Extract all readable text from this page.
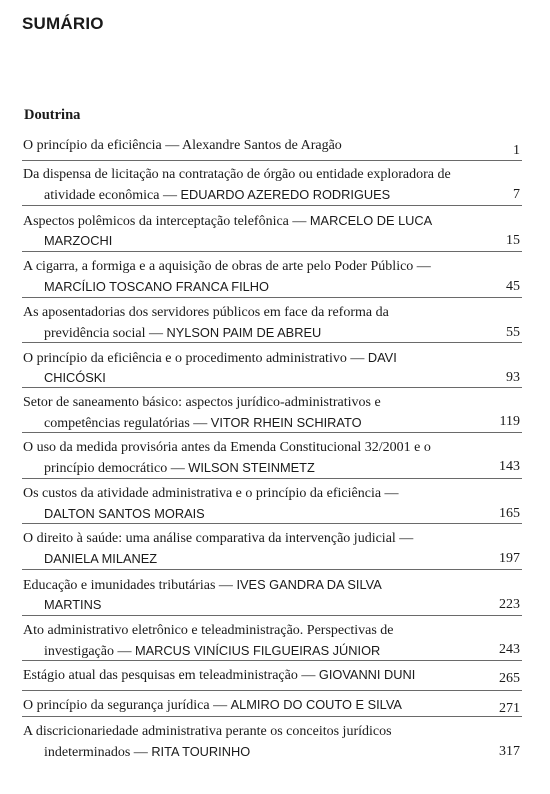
SUMÁRIO
Doutrina
O princípio da eficiência — Alexandre Santos de Aragão	1
Da dispensa de licitação na contratação de órgão ou entidade exploradora de
atividade econômica — EDUARDO AZEREDO RODRIGUES	7
Aspectos polêmicos da interceptação telefônica — MARCELO DE LUCA
MARZOCHI	15
A cigarra, a formiga e a aquisição de obras de arte pelo Poder Público —
MARCÍLIO TOSCANO FRANCA FILHO	45
As aposentadorias dos servidores públicos em face da reforma da
previdência social — NYLSON PAIM DE ABREU	55
O princípio da eficiência e o procedimento administrativo — DAVI
CHICÓSKI	93
Setor de saneamento básico: aspectos jurídico-administrativos e
competências regulatórias — VITOR RHEIN SCHIRATO	119
O uso da medida provisória antes da Emenda Constitucional 32/2001 e o
princípio democrático — WILSON STEINMETZ	143
Os custos da atividade administrativa e o princípio da eficiência —
DALTON SANTOS MORAIS	165
O direito à saúde: uma análise comparativa da intervenção judicial —
DANIELA MILANEZ	197
Educação e imunidades tributárias — IVES GANDRA DA SILVA
MARTINS	223
Ato administrativo eletrônico e teleadministração. Perspectivas de
investigação — MARCUS VINÍCIUS FILGUEIRAS JÚNIOR	243
Estágio atual das pesquisas em teleadministração — GIOVANNI DUNI	265
O princípio da segurança jurídica — ALMIRO DO COUTO E SILVA	271
A discricionariedade administrativa perante os conceitos jurídicos
indeterminados — RITA TOURINHO	317
